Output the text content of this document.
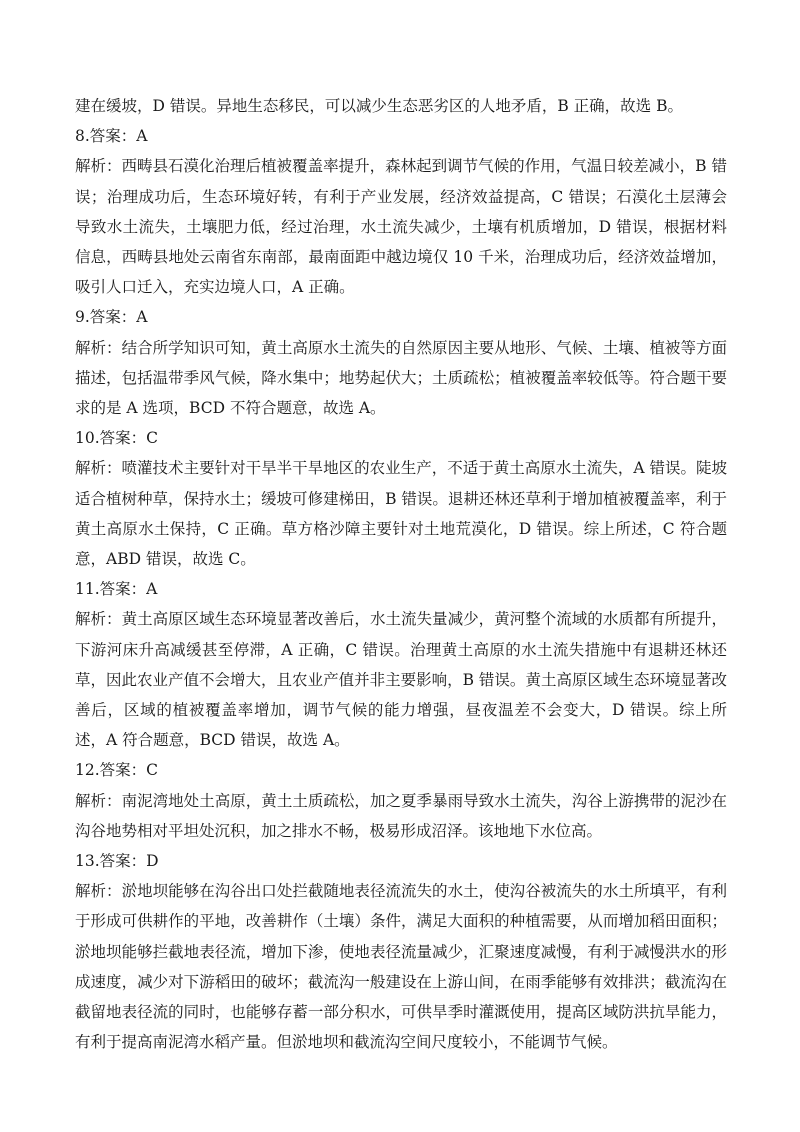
建在缓坡，D 错误。异地生态移民，可以减少生态恶劣区的人地矛盾，B 正确，故选 B。

8.答案：A

解析：西畴县石漠化治理后植被覆盖率提升，森林起到调节气候的作用，气温日较差减小，B 错误；治理成功后，生态环境好转，有利于产业发展，经济效益提高，C 错误；石漠化土层薄会导致水土流失，土壤肥力低，经过治理，水土流失减少，土壤有机质增加，D 错误，根据材料信息，西畴县地处云南省东南部，最南面距中越边境仅 10 千米，治理成功后，经济效益增加，吸引人口迁入，充实边境人口，A 正确。

9.答案：A

解析：结合所学知识可知，黄土高原水土流失的自然原因主要从地形、气候、土壤、植被等方面描述，包括温带季风气候，降水集中；地势起伏大；土质疏松；植被覆盖率较低等。符合题干要求的是 A 选项，BCD 不符合题意，故选 A。

10.答案：C

解析：喷灌技术主要针对干旱半干旱地区的农业生产，不适于黄土高原水土流失，A 错误。陡坡适合植树种草，保持水土；缓坡可修建梯田，B 错误。退耕还林还草利于增加植被覆盖率，利于黄土高原水土保持，C 正确。草方格沙障主要针对土地荒漠化，D 错误。综上所述，C 符合题意，ABD 错误，故选 C。

11.答案：A

解析：黄土高原区域生态环境显著改善后，水土流失量减少，黄河整个流域的水质都有所提升，下游河床升高减缓甚至停滞，A 正确，C 错误。治理黄土高原的水土流失措施中有退耕还林还草，因此农业产值不会增大，且农业产值并非主要影响，B 错误。黄土高原区域生态环境显著改善后，区域的植被覆盖率增加，调节气候的能力增强，昼夜温差不会变大，D 错误。综上所述，A 符合题意，BCD 错误，故选 A。

12.答案：C

解析：南泥湾地处土高原，黄土土质疏松，加之夏季暴雨导致水土流失，沟谷上游携带的泥沙在沟谷地势相对平坦处沉积，加之排水不畅，极易形成沼泽。该地地下水位高。

13.答案：D

解析：淤地坝能够在沟谷出口处拦截随地表径流流失的水土，使沟谷被流失的水土所填平，有利于形成可供耕作的平地，改善耕作（土壤）条件，满足大面积的种植需要，从而增加稻田面积；淤地坝能够拦截地表径流，增加下渗，使地表径流量减少，汇聚速度减慢，有利于减慢洪水的形成速度，减少对下游稻田的破坏；截流沟一般建设在上游山间，在雨季能够有效排洪；截流沟在截留地表径流的同时，也能够存蓄一部分积水，可供旱季时灌溉使用，提高区域防洪抗旱能力，有利于提高南泥湾水稻产量。但淤地坝和截流沟空间尺度较小，不能调节气候。
